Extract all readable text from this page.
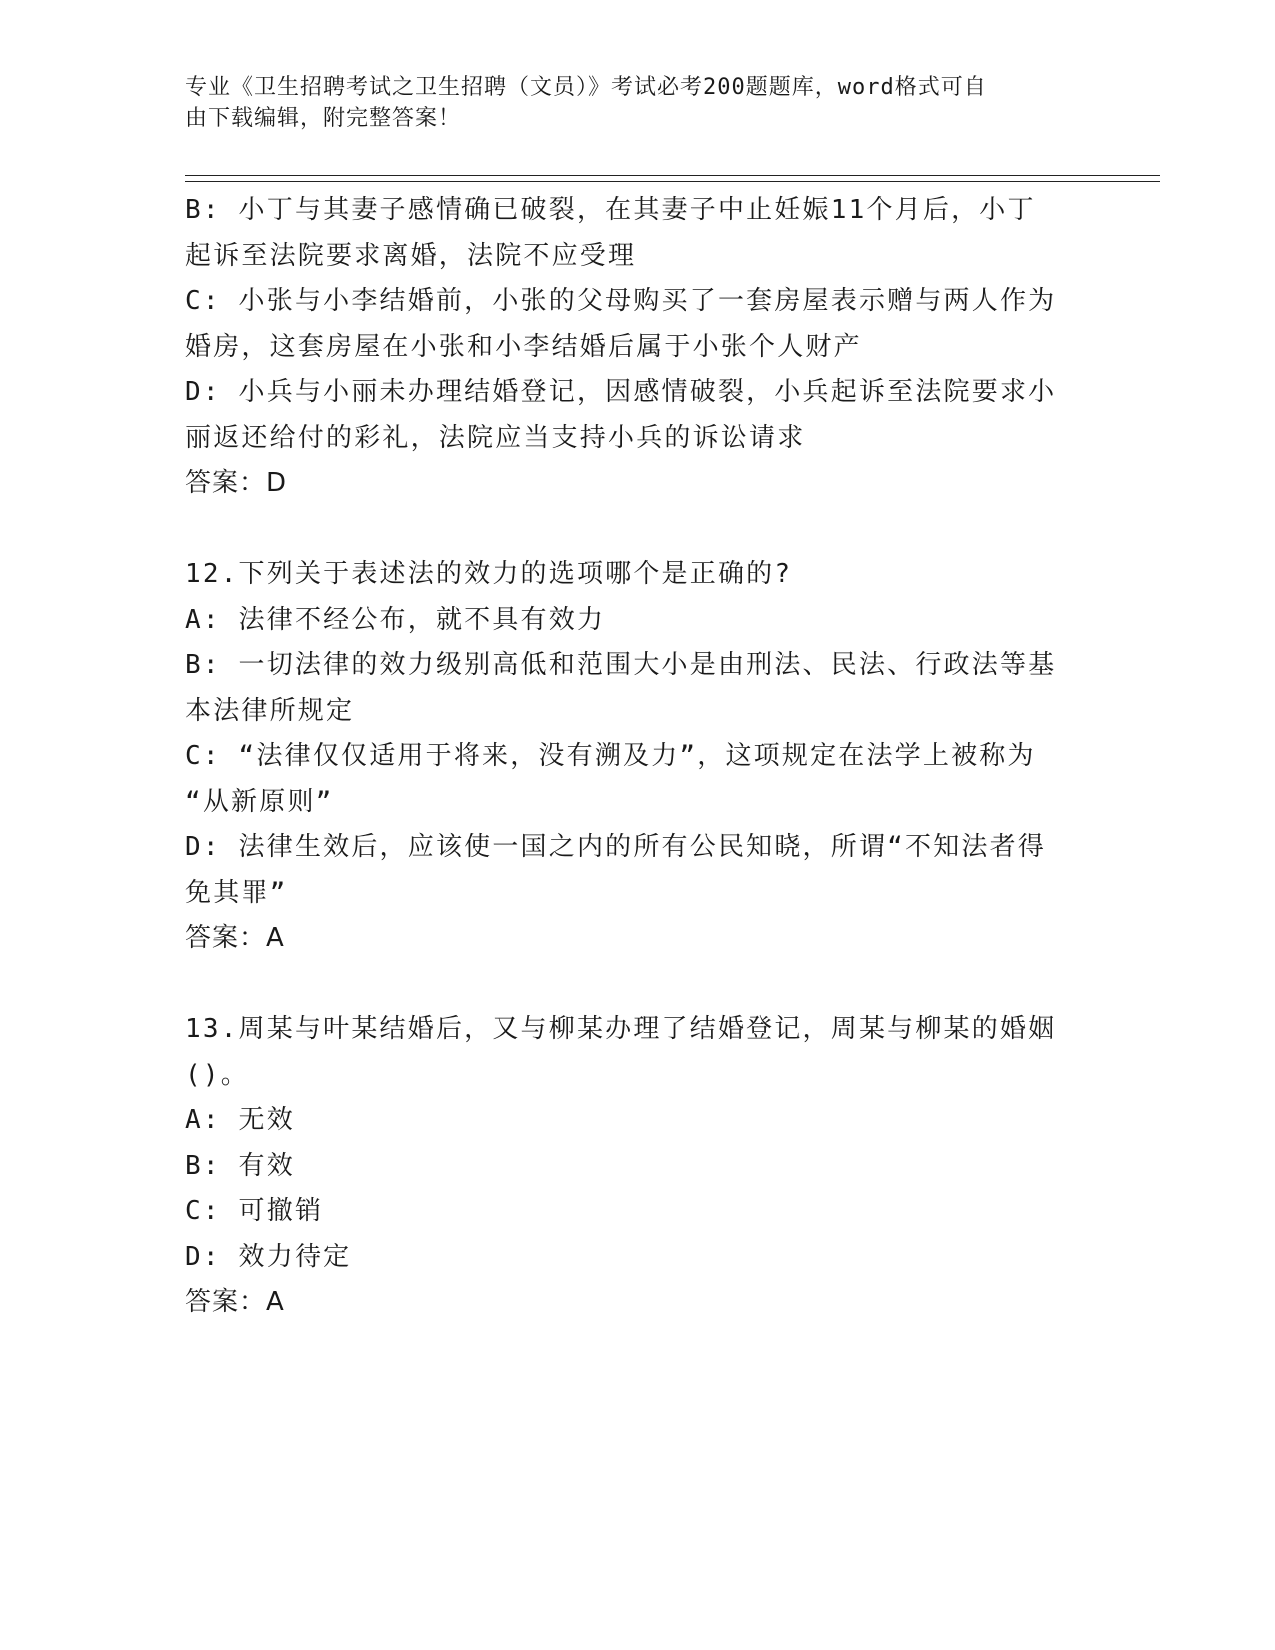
专业《卫生招聘考试之卫生招聘（文员）》考试必考200题题库，word格式可自
由下载编辑，附完整答案！
B: 小丁与其妻子感情确已破裂，在其妻子中止妊娠11个月后，小丁
起诉至法院要求离婚，法院不应受理
C: 小张与小李结婚前，小张的父母购买了一套房屋表示赠与两人作为
婚房，这套房屋在小张和小李结婚后属于小张个人财产
D: 小兵与小丽未办理结婚登记，因感情破裂，小兵起诉至法院要求小
丽返还给付的彩礼，法院应当支持小兵的诉讼请求
答案：D
12.下列关于表述法的效力的选项哪个是正确的?
A: 法律不经公布，就不具有效力
B: 一切法律的效力级别高低和范围大小是由刑法、民法、行政法等基
本法律所规定
C: “法律仅仅适用于将来，没有溯及力”，这项规定在法学上被称为
“从新原则”
D: 法律生效后，应该使一国之内的所有公民知晓，所谓“不知法者得
免其罪”
答案：A
13.周某与叶某结婚后，又与柳某办理了结婚登记，周某与柳某的婚姻
()。
A: 无效
B: 有效
C: 可撤销
D: 效力待定
答案：A
